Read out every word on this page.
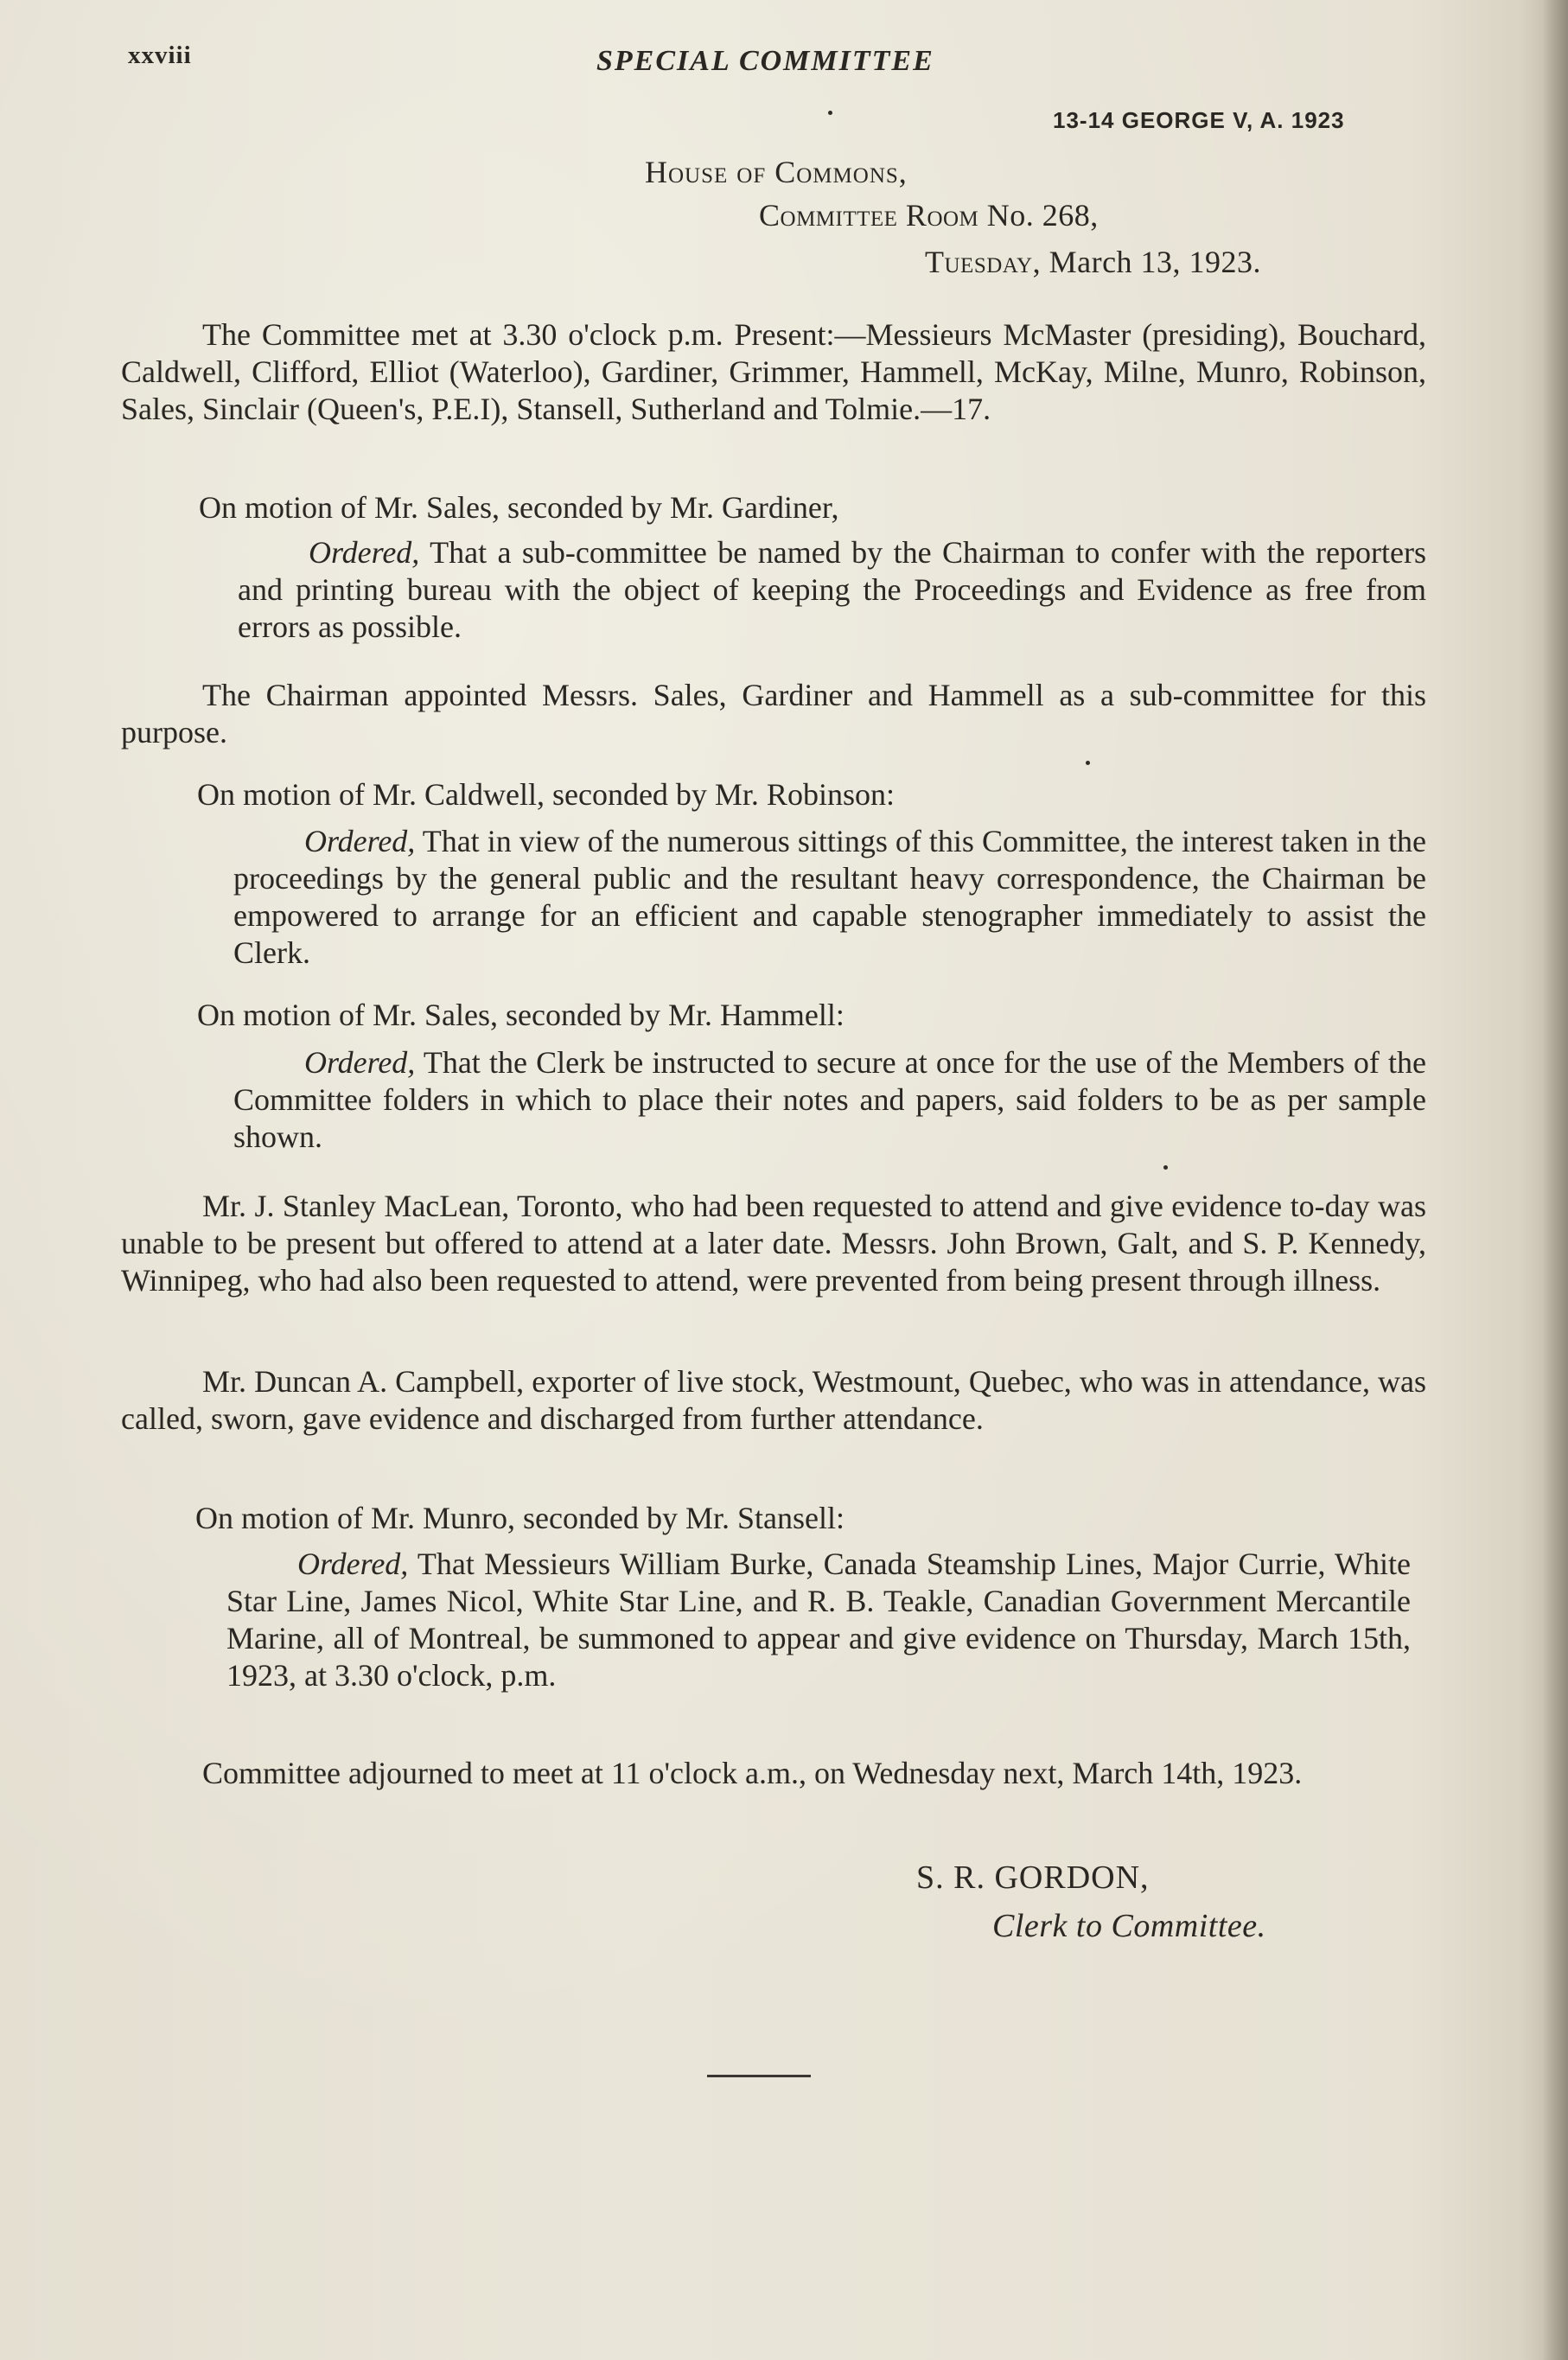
xxviii	SPECIAL COMMITTEE
13-14 GEORGE V, A. 1923
House of Commons,
Committee Room No. 268,
Tuesday, March 13, 1923.

The Committee met at 3.30 o'clock p.m. Present:—Messieurs McMaster (presiding), Bouchard, Caldwell, Clifford, Elliot (Waterloo), Gardiner, Grimmer, Hammell, McKay, Milne, Munro, Robinson, Sales, Sinclair (Queen's, P.E.I), Stansell, Sutherland and Tolmie.—17.

On motion of Mr. Sales, seconded by Mr. Gardiner,

Ordered, That a sub-committee be named by the Chairman to confer with the reporters and printing bureau with the object of keeping the Proceedings and Evidence as free from errors as possible.

The Chairman appointed Messrs. Sales, Gardiner and Hammell as a sub-committee for this purpose.

On motion of Mr. Caldwell, seconded by Mr. Robinson:

Ordered, That in view of the numerous sittings of this Committee, the interest taken in the proceedings by the general public and the resultant heavy correspondence, the Chairman be empowered to arrange for an efficient and capable stenographer immediately to assist the Clerk.

On motion of Mr. Sales, seconded by Mr. Hammell:

Ordered, That the Clerk be instructed to secure at once for the use of the Members of the Committee folders in which to place their notes and papers, said folders to be as per sample shown.

Mr. J. Stanley MacLean, Toronto, who had been requested to attend and give evidence to-day was unable to be present but offered to attend at a later date. Messrs. John Brown, Galt, and S. P. Kennedy, Winnipeg, who had also been requested to attend, were prevented from being present through illness.

Mr. Duncan A. Campbell, exporter of live stock, Westmount, Quebec, who was in attendance, was called, sworn, gave evidence and discharged from further attendance.

On motion of Mr. Munro, seconded by Mr. Stansell:

Ordered, That Messieurs William Burke, Canada Steamship Lines, Major Currie, White Star Line, James Nicol, White Star Line, and R. B. Teakle, Canadian Government Mercantile Marine, all of Montreal, be summoned to appear and give evidence on Thursday, March 15th, 1923, at 3.30 o'clock, p.m.

Committee adjourned to meet at 11 o'clock a.m., on Wednesday next, March 14th, 1923.

S. R. GORDON,
Clerk to Committee.
